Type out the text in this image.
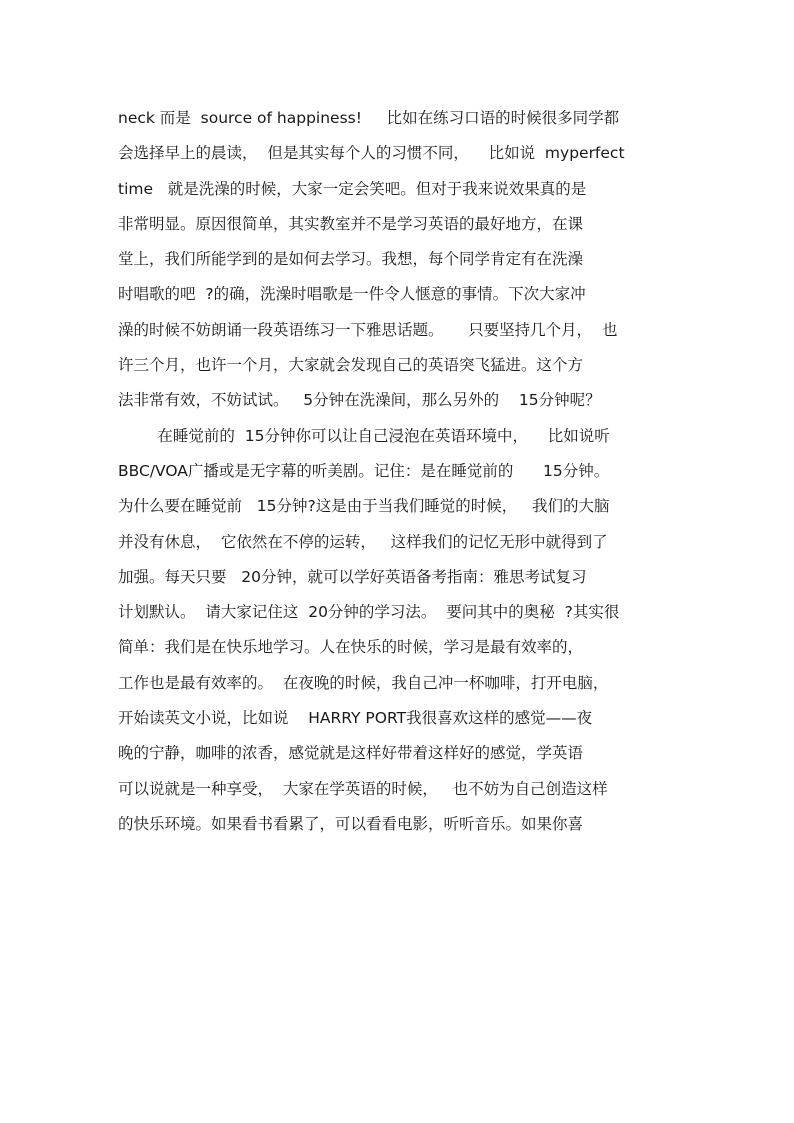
neck 而是  source of happiness!     比如在练习口语的时候很多同学都
会选择早上的晨读，  但是其实每个人的习惯不同，    比如说  myperfect
time   就是洗澡的时候，大家一定会笑吧。但对于我来说效果真的是
非常明显。原因很简单，其实教室并不是学习英语的最好地方，在课
堂上，我们所能学到的是如何去学习。我想，每个同学肯定有在洗澡
时唱歌的吧  ?的确，洗澡时唱歌是一件令人惬意的事情。下次大家冲
澡的时候不妨朗诵一段英语练习一下雅思话题。     只要坚持几个月，  也
许三个月，也许一个月，大家就会发现自己的英语突飞猛进。这个方
法非常有效，不妨试试。   5分钟在洗澡间，那么另外的    15分钟呢？
在睡觉前的  15分钟你可以让自己浸泡在英语环境中，    比如说听
BBC/VOA广播或是无字幕的听美剧。记住：是在睡觉前的      15分钟。
为什么要在睡觉前   15分钟?这是由于当我们睡觉的时候，   我们的大脑
并没有休息，  它依然在不停的运转，   这样我们的记忆无形中就得到了
加强。每天只要   20分钟，就可以学好英语备考指南：雅思考试复习
计划默认。  请大家记住这  20分钟的学习法。  要问其中的奥秘  ?其实很
简单：我们是在快乐地学习。人在快乐的时候，学习是最有效率的，
工作也是最有效率的。  在夜晚的时候，我自己冲一杯咖啡，打开电脑，
开始读英文小说，比如说    HARRY PORT我很喜欢这样的感觉——夜
晚的宁静，咖啡的浓香，感觉就是这样好带着这样好的感觉，学英语
可以说就是一种享受，  大家在学英语的时候，   也不妨为自己创造这样
的快乐环境。如果看书看累了，可以看看电影，听听音乐。如果你喜
